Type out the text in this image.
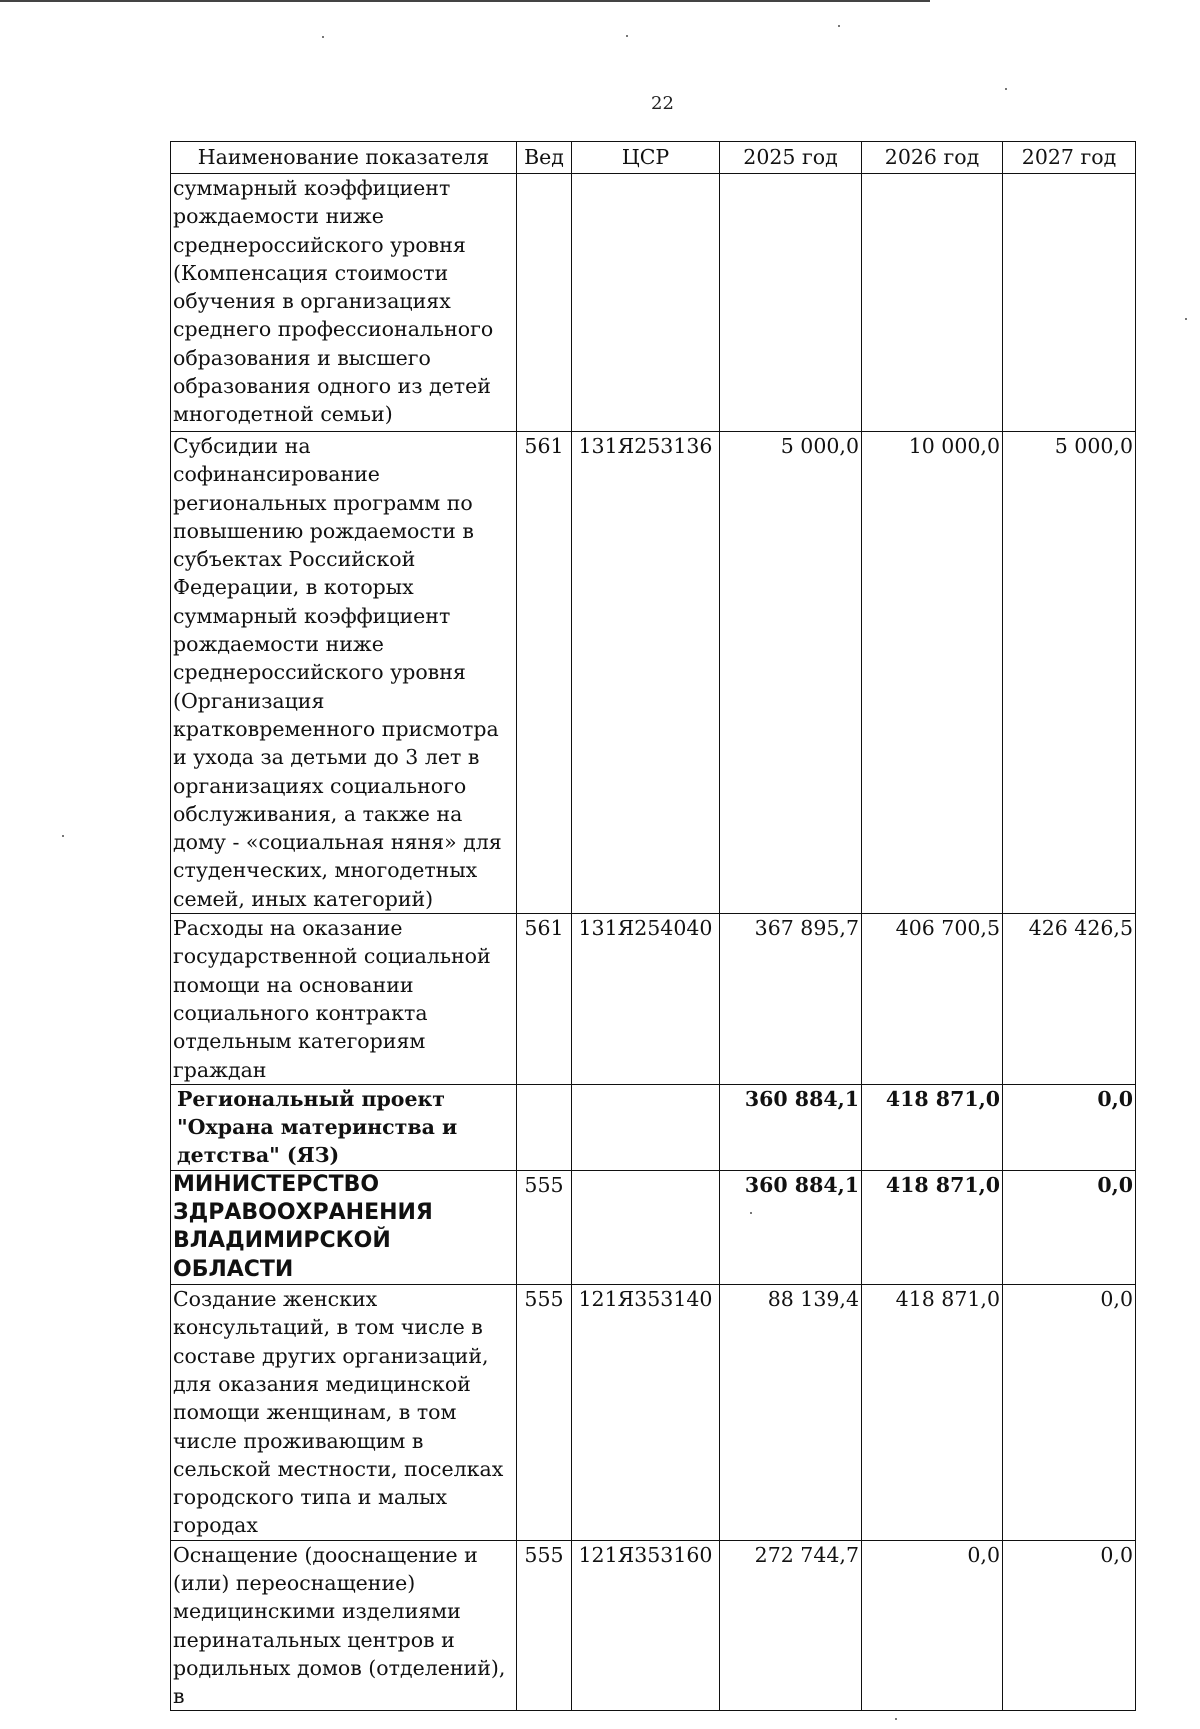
22
Наименование показателя	Вед	ЦСР	2025 год	2026 год	2027 год
суммарный коэффициент рождаемости ниже среднероссийского уровня (Компенсация стоимости обучения в организациях среднего профессионального образования и высшего образования одного из детей многодетной семьи)					
Субсидии на софинансирование региональных программ по повышению рождаемости в субъектах Российской Федерации, в которых суммарный коэффициент рождаемости ниже среднероссийского уровня (Организация кратковременного присмотра и ухода за детьми до 3 лет в организациях социального обслуживания, а также на дому - «социальная няня» для студенческих, многодетных семей, иных категорий)	561	131Я253136	5 000,0	10 000,0	5 000,0
Расходы на оказание государственной социальной помощи на основании социального контракта отдельным категориям граждан	561	131Я254040	367 895,7	406 700,5	426 426,5
Региональный проект "Охрана материнства и детства" (ЯЗ)			360 884,1	418 871,0	0,0
МИНИСТЕРСТВО ЗДРАВООХРАНЕНИЯ ВЛАДИМИРСКОЙ ОБЛАСТИ	555		360 884,1	418 871,0	0,0
Создание женских консультаций, в том числе в составе других организаций, для оказания медицинской помощи женщинам, в том числе проживающим в сельской местности, поселках городского типа и малых городах	555	121Я353140	88 139,4	418 871,0	0,0
Оснащение (дооснащение и (или) переоснащение) медицинскими изделиями перинатальных центров и родильных домов (отделений), в	555	121Я353160	272 744,7	0,0	0,0
